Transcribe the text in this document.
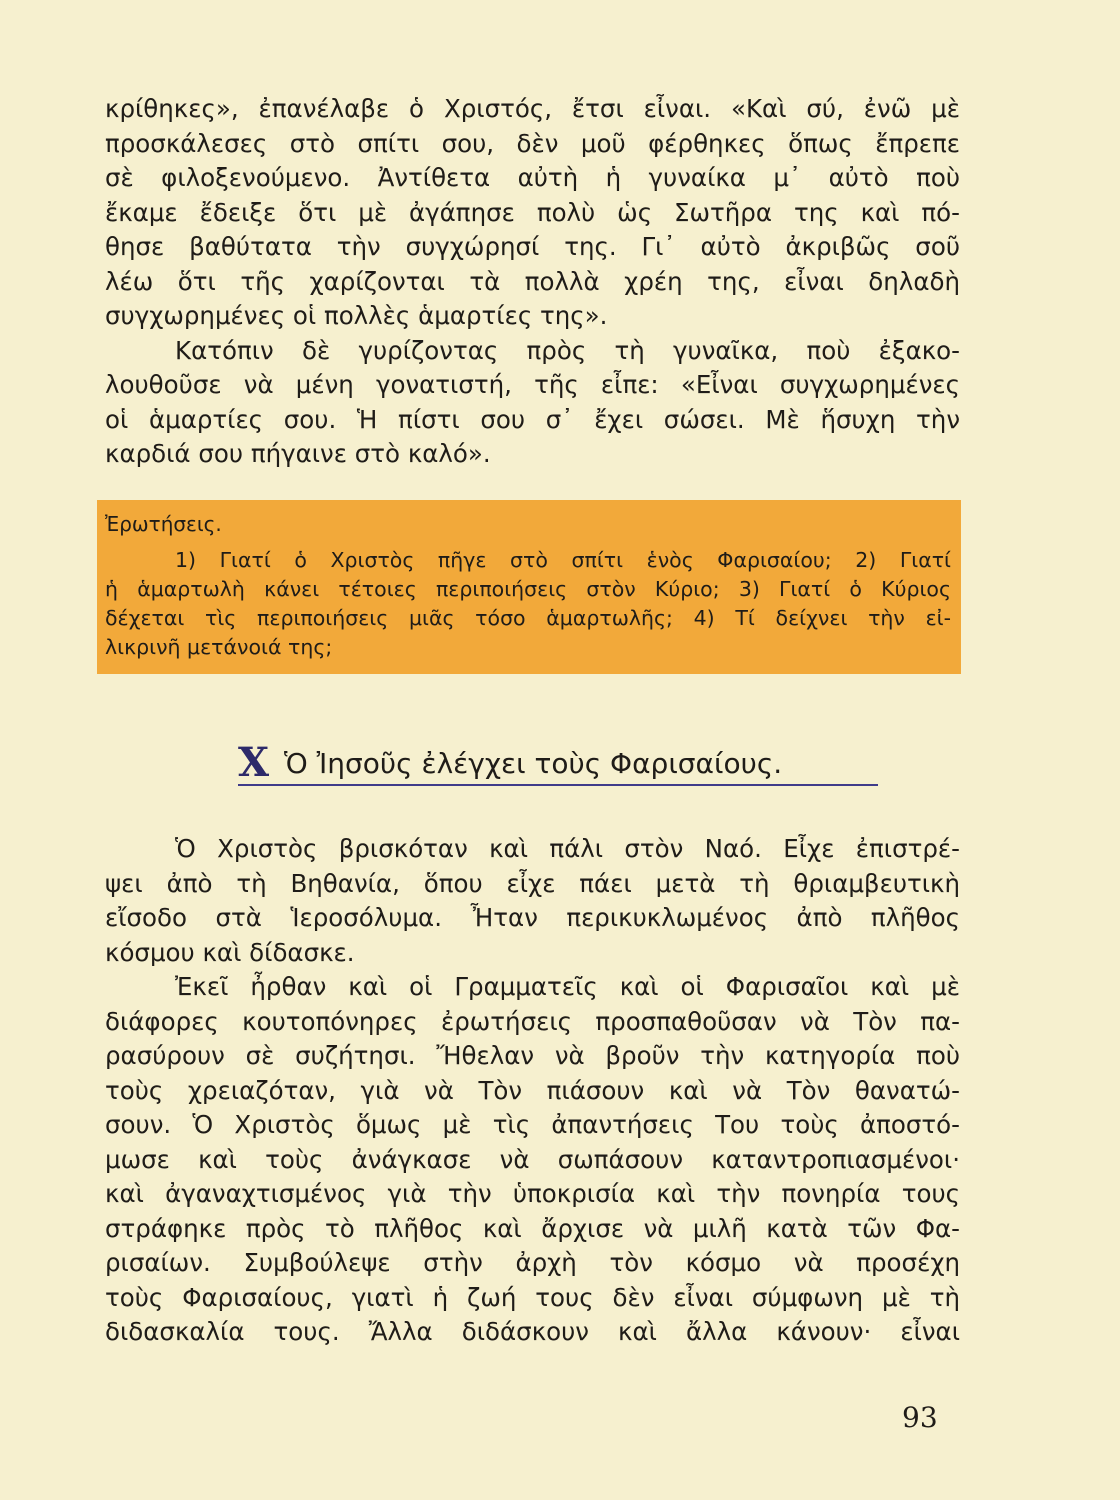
κρίθηκες», ἐπανέλαβε ὁ Χριστός, ἔτσι εἶναι. «Καὶ σύ, ἐνῶ μὲ
προσκάλεσες στὸ σπίτι σου, δὲν μοῦ φέρθηκες ὅπως ἔπρεπε
σὲ φιλοξενούμενο. Ἀντίθετα αὐτὴ ἡ γυναίκα μ᾽ αὐτὸ ποὺ
ἔκαμε ἔδειξε ὅτι μὲ ἀγάπησε πολὺ ὡς Σωτῆρα της καὶ πό-
θησε βαθύτατα τὴν συγχώρησί της. Γι᾽ αὐτὸ ἀκριβῶς σοῦ
λέω ὅτι τῆς χαρίζονται τὰ πολλὰ χρέη της, εἶναι δηλαδὴ
συγχωρημένες οἱ πολλὲς ἁμαρτίες της».
Κατόπιν δὲ γυρίζοντας πρὸς τὴ γυναῖκα, ποὺ ἐξακο-
λουθοῦσε νὰ μένη γονατιστή, τῆς εἶπε: «Εἶναι συγχωρημένες
οἱ ἁμαρτίες σου. Ἡ πίστι σου σ᾽ ἔχει σώσει. Μὲ ἥσυχη τὴν
καρδιά σου πήγαινε στὸ καλό».
Ἐρωτήσεις.
1) Γιατί ὁ Χριστὸς πῆγε στὸ σπίτι ἑνὸς Φαρισαίου; 2) Γιατί
ἡ ἁμαρτωλὴ κάνει τέτοιες περιποιήσεις στὸν Κύριο; 3) Γιατί ὁ Κύριος
δέχεται τὶς περιποιήσεις μιᾶς τόσο ἁμαρτωλῆς; 4) Τί δείχνει τὴν εἰ-
λικρινῆ μετάνοιά της;
Χ Ὁ Ἰησοῦς ἐλέγχει τοὺς Φαρισαίους.
Ὁ Χριστὸς βρισκόταν καὶ πάλι στὸν Ναό. Εἶχε ἐπιστρέ-
ψει ἀπὸ τὴ Βηθανία, ὅπου εἶχε πάει μετὰ τὴ θριαμβευτικὴ
εἴσοδο στὰ Ἱεροσόλυμα. Ἦταν περικυκλωμένος ἀπὸ πλῆθος
κόσμου καὶ δίδασκε.
Ἐκεῖ ἦρθαν καὶ οἱ Γραμματεῖς καὶ οἱ Φαρισαῖοι καὶ μὲ
διάφορες κουτοπόνηρες ἐρωτήσεις προσπαθοῦσαν νὰ Τὸν πα-
ρασύρουν σὲ συζήτησι. Ἤθελαν νὰ βροῦν τὴν κατηγορία ποὺ
τοὺς χρειαζόταν, γιὰ νὰ Τὸν πιάσουν καὶ νὰ Τὸν θανατώ-
σουν. Ὁ Χριστὸς ὅμως μὲ τὶς ἀπαντήσεις Του τοὺς ἀποστό-
μωσε καὶ τοὺς ἀνάγκασε νὰ σωπάσουν καταντροπιασμένοι·
καὶ ἀγαναχτισμένος γιὰ τὴν ὑποκρισία καὶ τὴν πονηρία τους
στράφηκε πρὸς τὸ πλῆθος καὶ ἄρχισε νὰ μιλῆ κατὰ τῶν Φα-
ρισαίων. Συμβούλεψε στὴν ἀρχὴ τὸν κόσμο νὰ προσέχη
τοὺς Φαρισαίους, γιατὶ ἡ ζωή τους δὲν εἶναι σύμφωνη μὲ τὴ
διδασκαλία τους. Ἄλλα διδάσκουν καὶ ἄλλα κάνουν· εἶναι
93
